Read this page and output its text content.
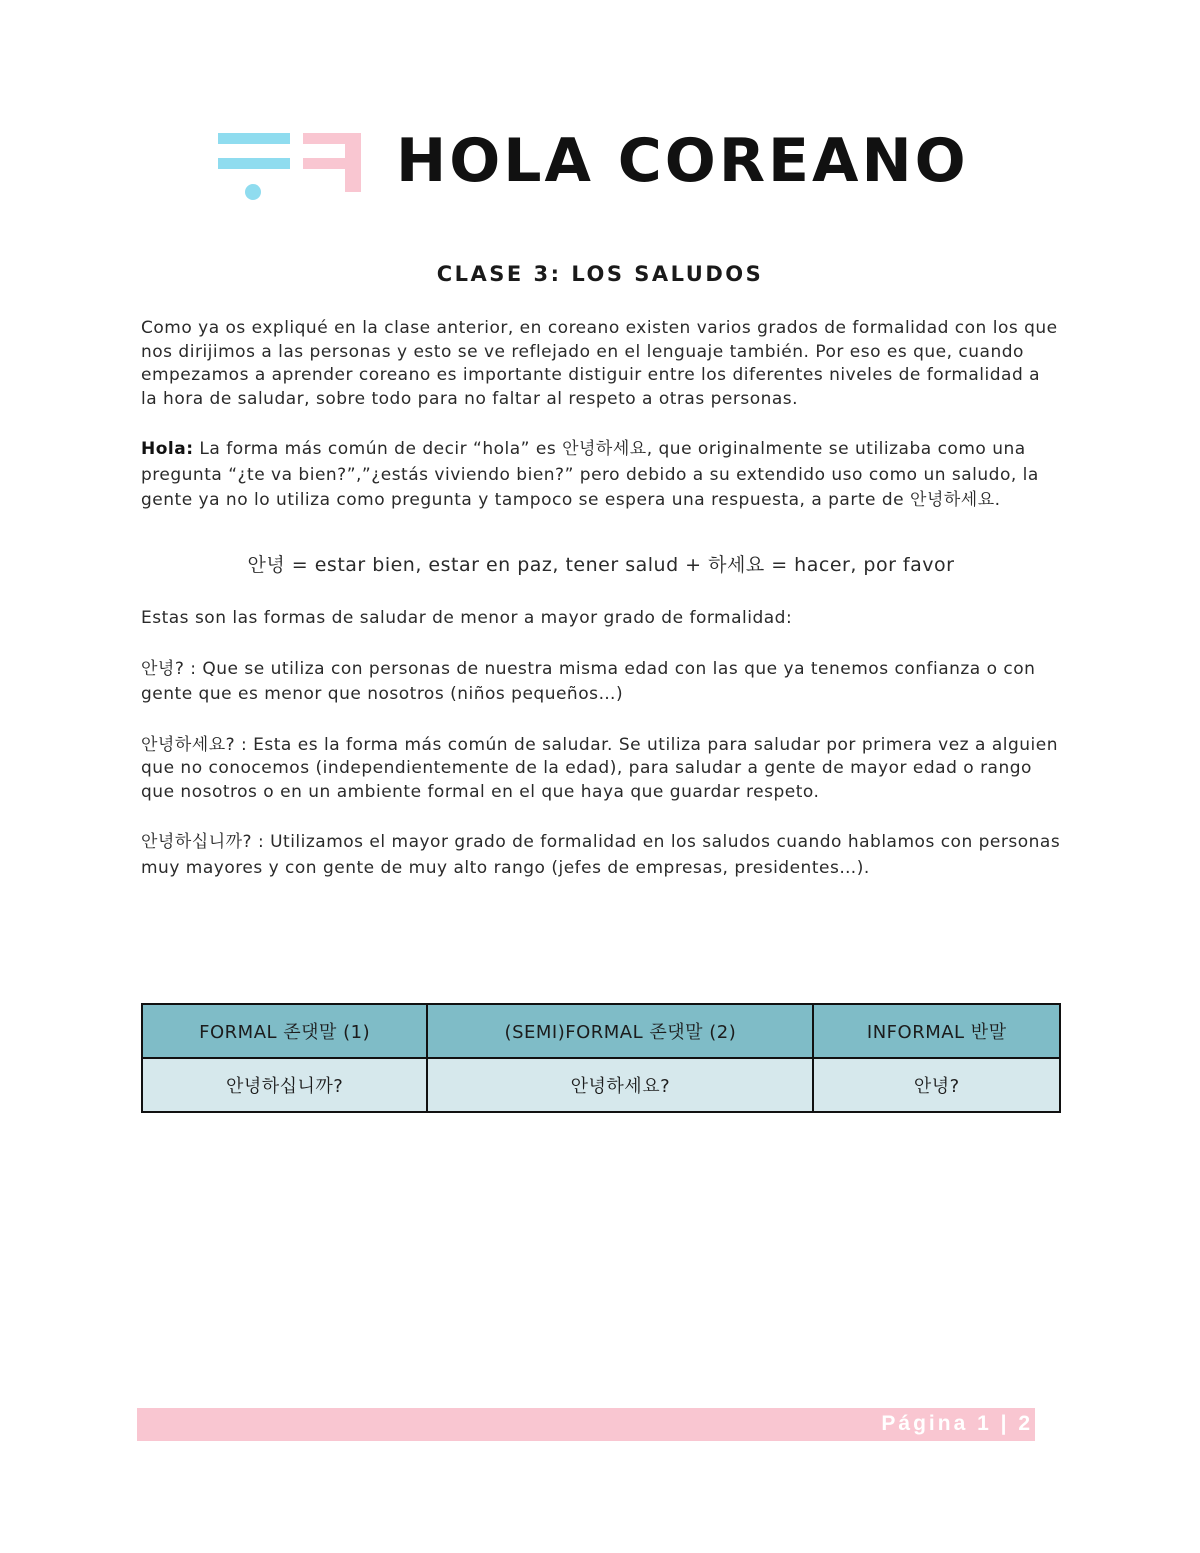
HOLA COREANO
CLASE 3: LOS SALUDOS

Como ya os expliqué en la clase anterior, en coreano existen varios grados de formalidad con los que nos dirijimos a las personas y esto se ve reflejado en el lenguaje también. Por eso es que, cuando empezamos a aprender coreano es importante distiguir entre los diferentes niveles de formalidad a la hora de saludar, sobre todo para no faltar al respeto a otras personas.

Hola: La forma más común de decir “hola” es 안녕하세요, que originalmente se utilizaba como una pregunta “¿te va bien?”,”¿estás viviendo bien?” pero debido a su extendido uso como un saludo, la gente ya no lo utiliza como pregunta y tampoco se espera una respuesta, a parte de 안녕하세요.

안녕 = estar bien, estar en paz, tener salud + 하세요 = hacer, por favor

Estas son las formas de saludar de menor a mayor grado de formalidad:

안녕? : Que se utiliza con personas de nuestra misma edad con las que ya tenemos confianza o con gente que es menor que nosotros (niños pequeños…)

안녕하세요? : Esta es la forma más común de saludar. Se utiliza para saludar por primera vez a alguien que no conocemos (independientemente de la edad), para saludar a gente de mayor edad o rango que nosotros o en un ambiente formal en el que haya que guardar respeto.

안녕하십니까? : Utilizamos el mayor grado de formalidad en los saludos cuando hablamos con personas muy mayores y con gente de muy alto rango (jefes de empresas, presidentes…).

FORMAL 존댓말 (1)	(SEMI)FORMAL 존댓말 (2)	INFORMAL 반말
안녕하십니까?	안녕하세요?	안녕?
Página 1 | 2
